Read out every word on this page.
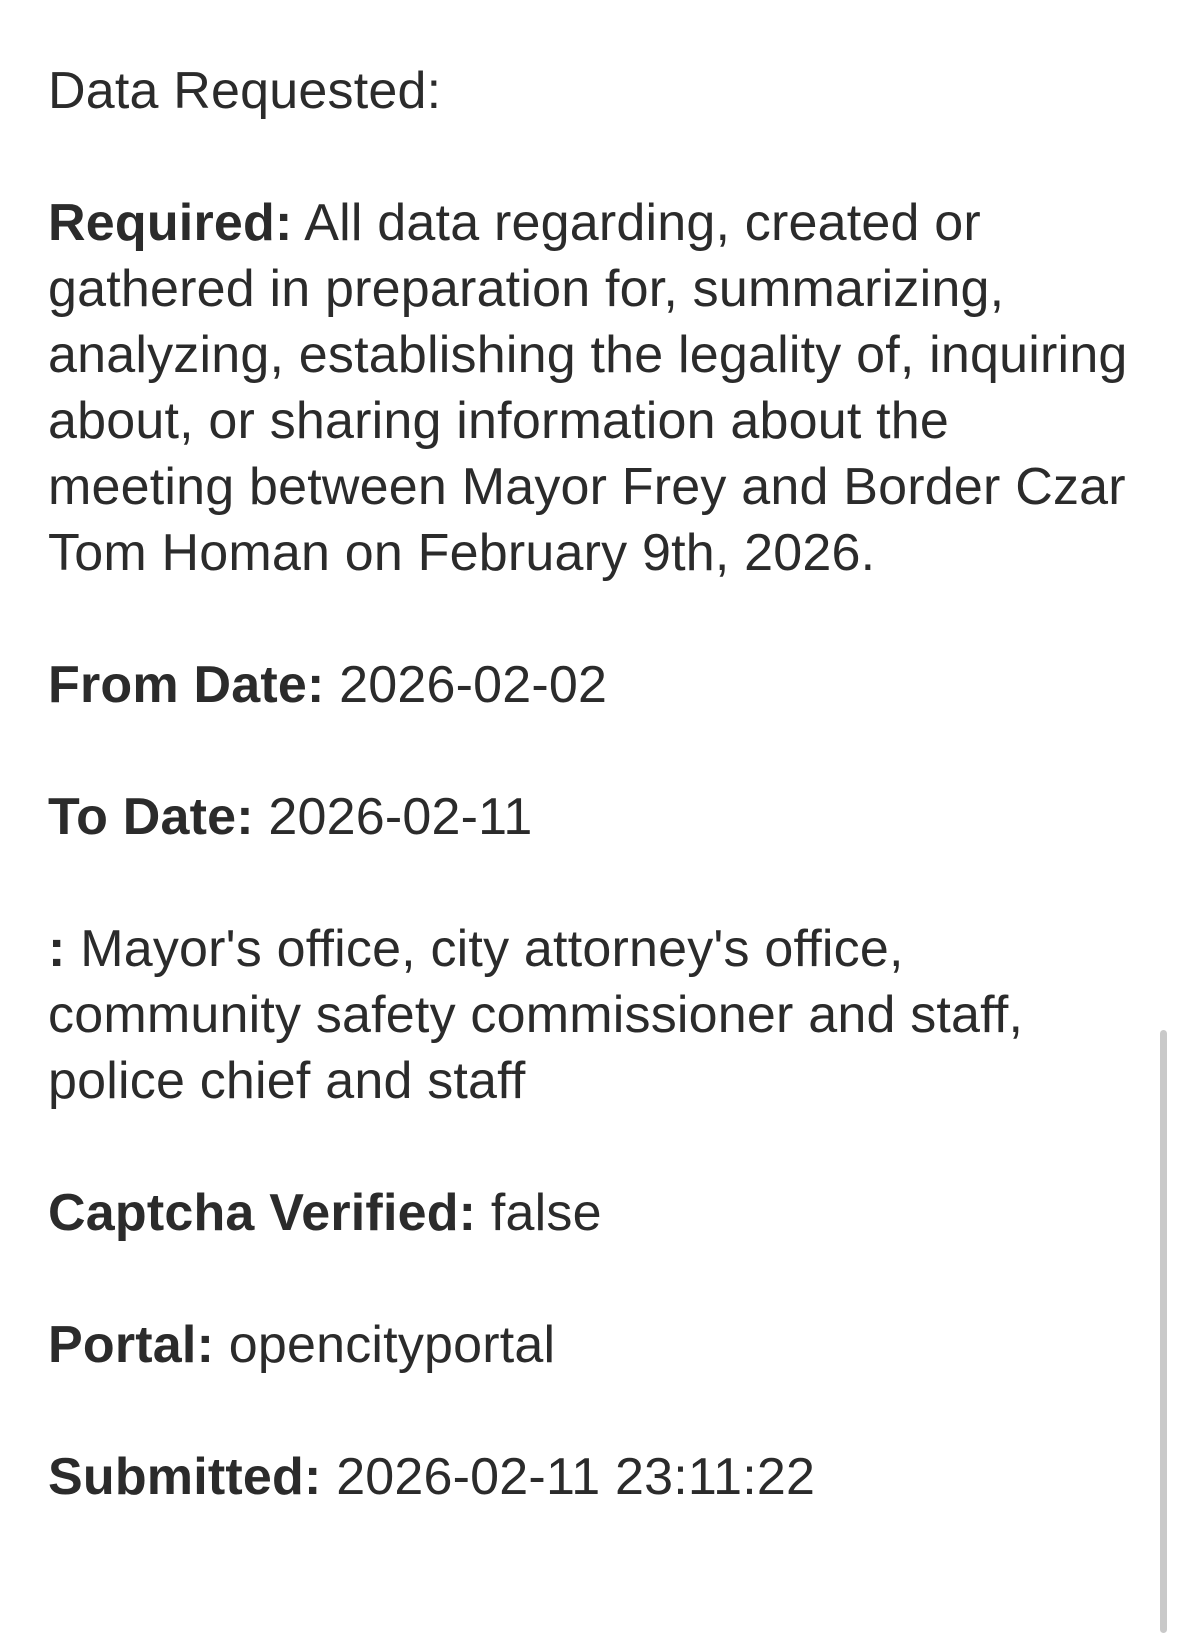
Data Requested:

Required: All data regarding, created or gathered in preparation for, summarizing, analyzing, establishing the legality of, inquiring about, or sharing information about the meeting between Mayor Frey and Border Czar Tom Homan on February 9th, 2026.

From Date: 2026-02-02

To Date: 2026-02-11

: Mayor's office, city attorney's office, community safety commissioner and staff, police chief and staff

Captcha Verified: false

Portal: opencityportal

Submitted: 2026-02-11 23:11:22
